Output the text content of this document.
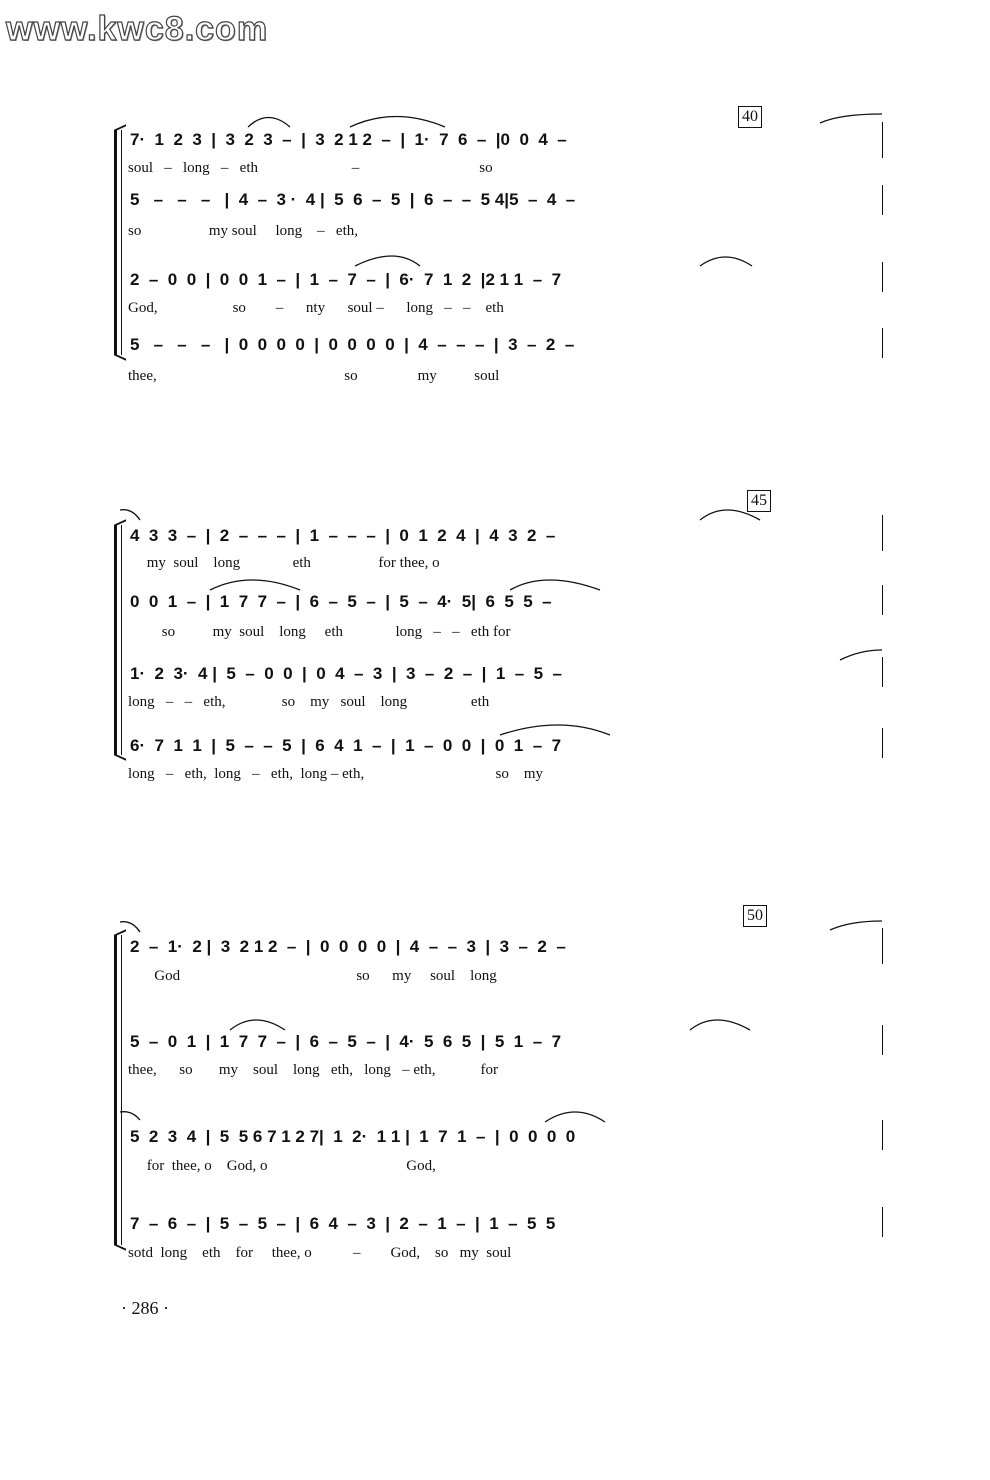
www.kwc8.com
40
7·  1  2  3  |  3  2  3  –  |  3  2 1 2  –  |  1·  7  6  –  |0  0  4  –
soul   –   long   –   eth                         –                                so
5   –   –   –   |  4  –  3 ·  4 |  5  6  –  5  |  6  –  –  5 4|5  –  4  –
so                  my soul     long    –   eth,
2  –  0  0  |  0  0  1  –  |  1  –  7  –  |  6·  7  1  2  |2 1 1  –  7
God,                    so        –      nty      soul –      long   –   –    eth
5   –   –   –   |  0  0  0  0  |  0  0  0  0  |  4  –  –  –  |  3  –  2  –
thee,                                                  so                my          soul
45
4  3  3  –  |  2  –  –  –  |  1  –  –  –  |  0  1  2  4  |  4  3  2  –
my  soul    long              eth                  for thee, o
0  0  1  –  |  1  7  7  –  |  6  –  5  –  |  5  –  4·  5|  6  5  5  –
so          my  soul    long     eth              long   –   –   eth for
1·  2  3·  4 |  5  –  0  0  |  0  4  –  3  |  3  –  2  –  |  1  –  5  –
long   –   –   eth,               so    my   soul    long                 eth
6·  7  1  1  |  5  –  –  5  |  6  4  1  –  |  1  –  0  0  |  0  1  –  7
long   –   eth,  long   –   eth,  long – eth,                                   so    my
50
2  –  1·  2 |  3  2 1 2  –  |  0  0  0  0  |  4  –  –  3  |  3  –  2  –
God                                               so      my     soul    long
5  –  0  1  |  1  7  7  –  |  6  –  5  –  |  4·  5  6  5  |  5  1  –  7
thee,      so       my    soul    long   eth,   long   – eth,            for
5  2  3  4  |  5  5 6 7 1 2 7|  1  2·  1 1 |  1  7  1  –  |  0  0  0  0
for  thee, o    God, o                                     God,
7  –  6  –  |  5  –  5  –  |  6  4  –  3  |  2  –  1  –  |  1  –  5  5
sotd  long    eth    for     thee, o           –        God,    so   my  soul
· 286 ·
